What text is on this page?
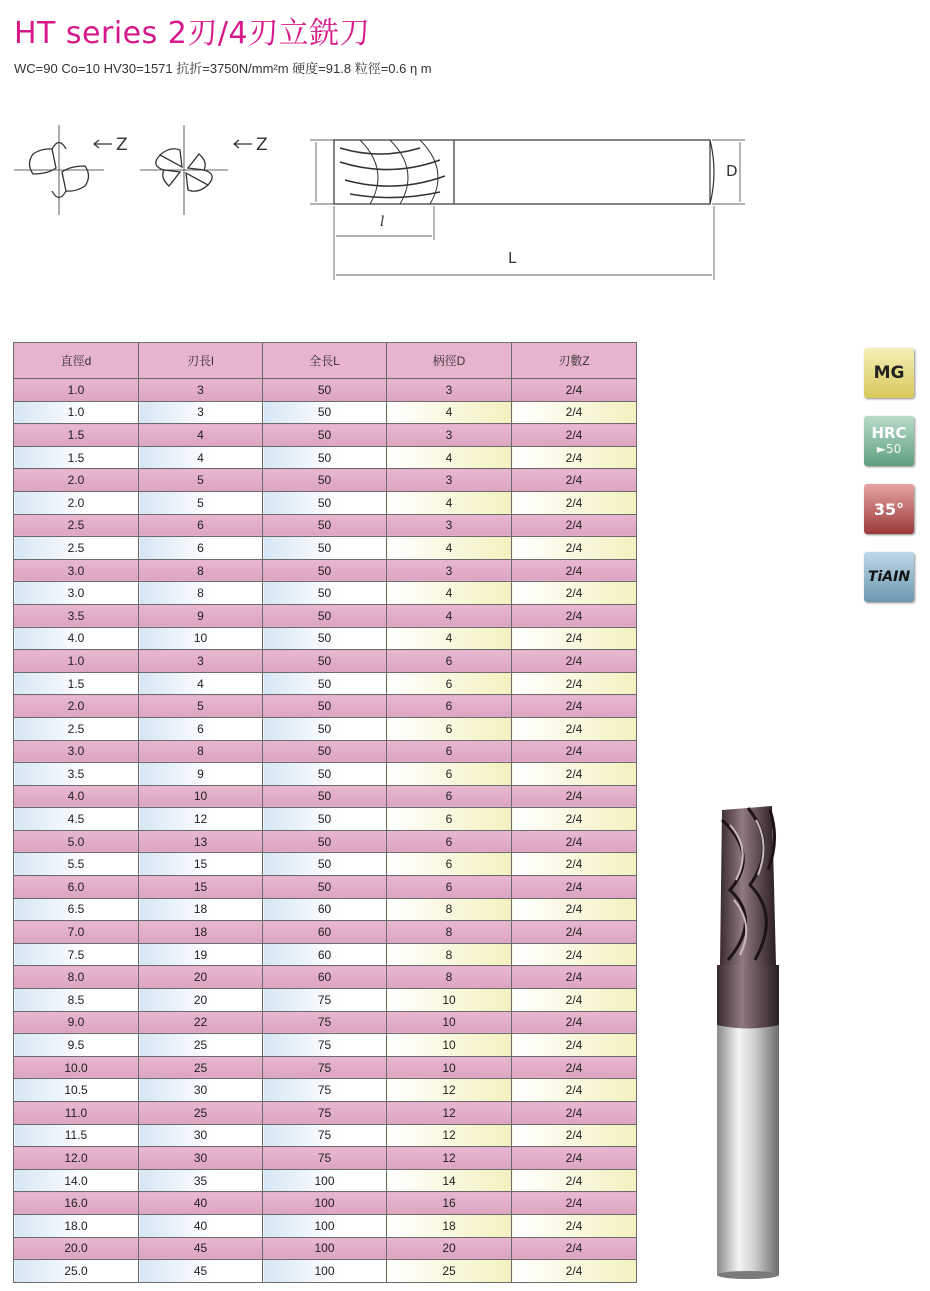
HT series 2刃/4刃立銑刀
WC=90 Co=10 HV30=1571 抗折=3750N/mm²m 硬度=91.8 粒徑=0.6 η m
Z	Z
D
l
L
直徑d	刃長l	全長L	柄徑D	刃數Z
1.0	3	50	3	2/4
1.0	3	50	4	2/4
1.5	4	50	3	2/4
1.5	4	50	4	2/4
2.0	5	50	3	2/4
2.0	5	50	4	2/4
2.5	6	50	3	2/4
2.5	6	50	4	2/4
3.0	8	50	3	2/4
3.0	8	50	4	2/4
3.5	9	50	4	2/4
4.0	10	50	4	2/4
1.0	3	50	6	2/4
1.5	4	50	6	2/4
2.0	5	50	6	2/4
2.5	6	50	6	2/4
3.0	8	50	6	2/4
3.5	9	50	6	2/4
4.0	10	50	6	2/4
4.5	12	50	6	2/4
5.0	13	50	6	2/4
5.5	15	50	6	2/4
6.0	15	50	6	2/4
6.5	18	60	8	2/4
7.0	18	60	8	2/4
7.5	19	60	8	2/4
8.0	20	60	8	2/4
8.5	20	75	10	2/4
9.0	22	75	10	2/4
9.5	25	75	10	2/4
10.0	25	75	10	2/4
10.5	30	75	12	2/4
11.0	25	75	12	2/4
11.5	30	75	12	2/4
12.0	30	75	12	2/4
14.0	35	100	14	2/4
16.0	40	100	16	2/4
18.0	40	100	18	2/4
20.0	45	100	20	2/4
25.0	45	100	25	2/4
MG
HRC
►50
35°
TiAIN
